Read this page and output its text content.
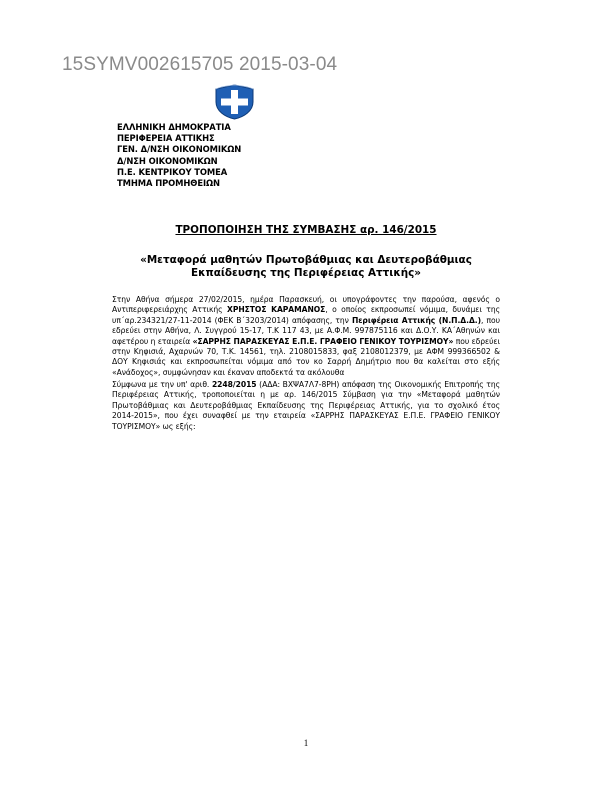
15SYMV002615705 2015-03-04
ΕΛΛΗΝΙΚΗ ΔΗΜΟΚΡΑΤΙΑ
ΠΕΡΙΦΕΡΕΙΑ ΑΤΤΙΚΗΣ
ΓΕΝ. Δ/ΝΣΗ ΟΙΚΟΝΟΜΙΚΩΝ
Δ/ΝΣΗ ΟΙΚΟΝΟΜΙΚΩΝ
Π.Ε. ΚΕΝΤΡΙΚΟΥ ΤΟΜΕΑ
ΤΜΗΜΑ ΠΡΟΜΗΘΕΙΩΝ
ΤΡΟΠΟΠΟΙΗΣΗ ΤΗΣ ΣΥΜΒΑΣΗΣ αρ. 146/2015
«Μεταφορά μαθητών Πρωτοβάθμιας και Δευτεροβάθμιας
Εκπαίδευσης της Περιφέρειας Αττικής»
Στην Αθήνα σήμερα 27/02/2015, ημέρα Παρασκευή, οι υπογράφοντες την παρούσα, αφενός ο Αντιπεριφερειάρχης Αττικής ΧΡΗΣΤΟΣ ΚΑΡΑΜΑΝΟΣ, ο οποίος εκπροσωπεί νόμιμα, δυνάμει της υπ΄αρ.234321/27-11-2014 (ΦΕΚ Β΄3203/2014) απόφασης, την Περιφέρεια Αττικής (Ν.Π.Δ.Δ.), που εδρεύει στην Αθήνα, Λ. Συγγρού 15-17, Τ.Κ 117 43, με Α.Φ.Μ. 997875116 και Δ.Ο.Υ. ΚΑ΄Αθηνών και αφετέρου η εταιρεία «ΣΑΡΡΗΣ ΠΑΡΑΣΚΕΥΑΣ Ε.Π.Ε. ΓΡΑΦΕΙΟ ΓΕΝΙΚΟΥ ΤΟΥΡΙΣΜΟΥ» που εδρεύει στην Κηφισιά, Αχαρνών 70, Τ.Κ. 14561, τηλ. 2108015833, φαξ 2108012379, με ΑΦΜ 999366502 & ΔΟΥ Κηφισιάς και εκπροσωπείται νόμιμα από τον κο Σαρρή Δημήτριο που θα καλείται στο εξής «Ανάδοχος», συμφώνησαν και έκαναν αποδεκτά τα ακόλουθα
Σύμφωνα με την υπ' αριθ. 2248/2015 (ΑΔΑ: ΒΧΨΑ7Λ7-8ΡΗ) απόφαση της Οικονομικής Επιτροπής της Περιφέρειας Αττικής, τροποποιείται η με αρ. 146/2015 Σύμβαση για την «Μεταφορά μαθητών Πρωτοβάθμιας και Δευτεροβάθμιας Εκπαίδευσης της Περιφέρειας Αττικής, για το σχολικό έτος 2014-2015», που έχει συναφθεί με την εταιρεία «ΣΑΡΡΗΣ ΠΑΡΑΣΚΕΥΑΣ Ε.Π.Ε. ΓΡΑΦΕΙΟ ΓΕΝΙΚΟΥ ΤΟΥΡΙΣΜΟΥ» ως εξής:
1
